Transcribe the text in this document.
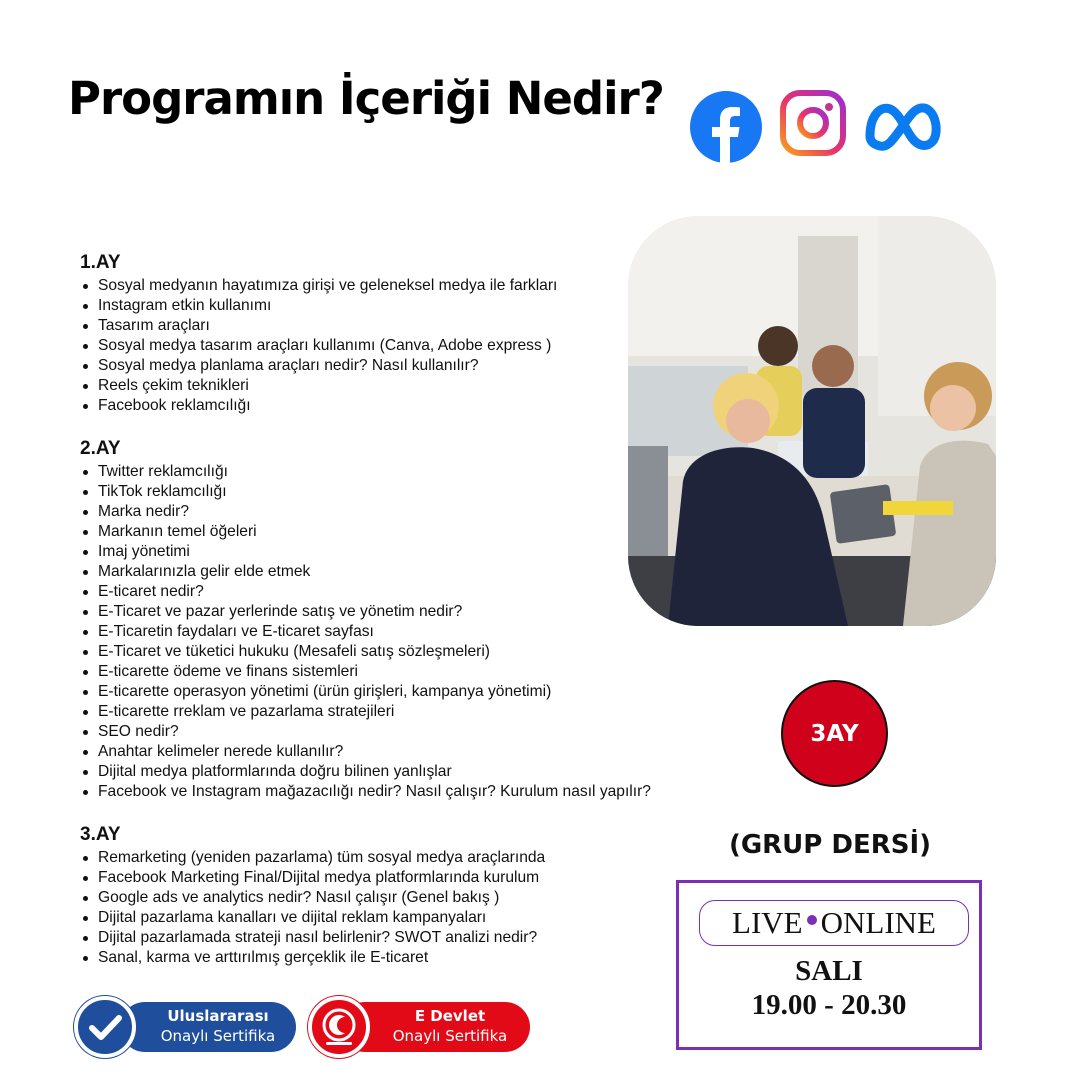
Programın İçeriği Nedir?
1.AY
Sosyal medyanın hayatımıza girişi ve geleneksel medya ile farkları
Instagram etkin kullanımı
Tasarım araçları
Sosyal medya tasarım araçları kullanımı (Canva, Adobe express )
Sosyal medya planlama araçları nedir? Nasıl kullanılır?
Reels çekim teknikleri
Facebook reklamcılığı
2.AY
Twitter reklamcılığı
TikTok reklamcılığı
Marka nedir?
Markanın temel öğeleri
Imaj yönetimi
Markalarınızla gelir elde etmek
E-ticaret nedir?
E-Ticaret ve pazar yerlerinde satış ve yönetim nedir?
E-Ticaretin faydaları ve E-ticaret sayfası
E-Ticaret ve tüketici hukuku (Mesafeli satış sözleşmeleri)
E-ticarette ödeme ve finans sistemleri
E-ticarette operasyon yönetimi (ürün girişleri, kampanya yönetimi)
E-ticarette rreklam ve pazarlama stratejileri
SEO nedir?
Anahtar kelimeler nerede kullanılır?
Dijital medya platformlarında doğru bilinen yanlışlar
Facebook ve Instagram mağazacılığı nedir? Nasıl çalışır? Kurulum nasıl yapılır?
3.AY
Remarketing (yeniden pazarlama) tüm sosyal medya araçlarında
Facebook Marketing Final/Dijital medya platformlarında kurulum
Google ads ve analytics nedir? Nasıl çalışır (Genel bakış )
Dijital pazarlama kanalları ve dijital reklam kampanyaları
Dijital pazarlamada strateji nasıl belirlenir? SWOT analizi nedir?
Sanal, karma ve arttırılmış gerçeklik ile E-ticaret
3AY
(GRUP DERSİ)
LIVE ONLINE
SALI
19.00 - 20.30
Uluslararası
Onaylı Sertifika
E Devlet
Onaylı Sertifika
